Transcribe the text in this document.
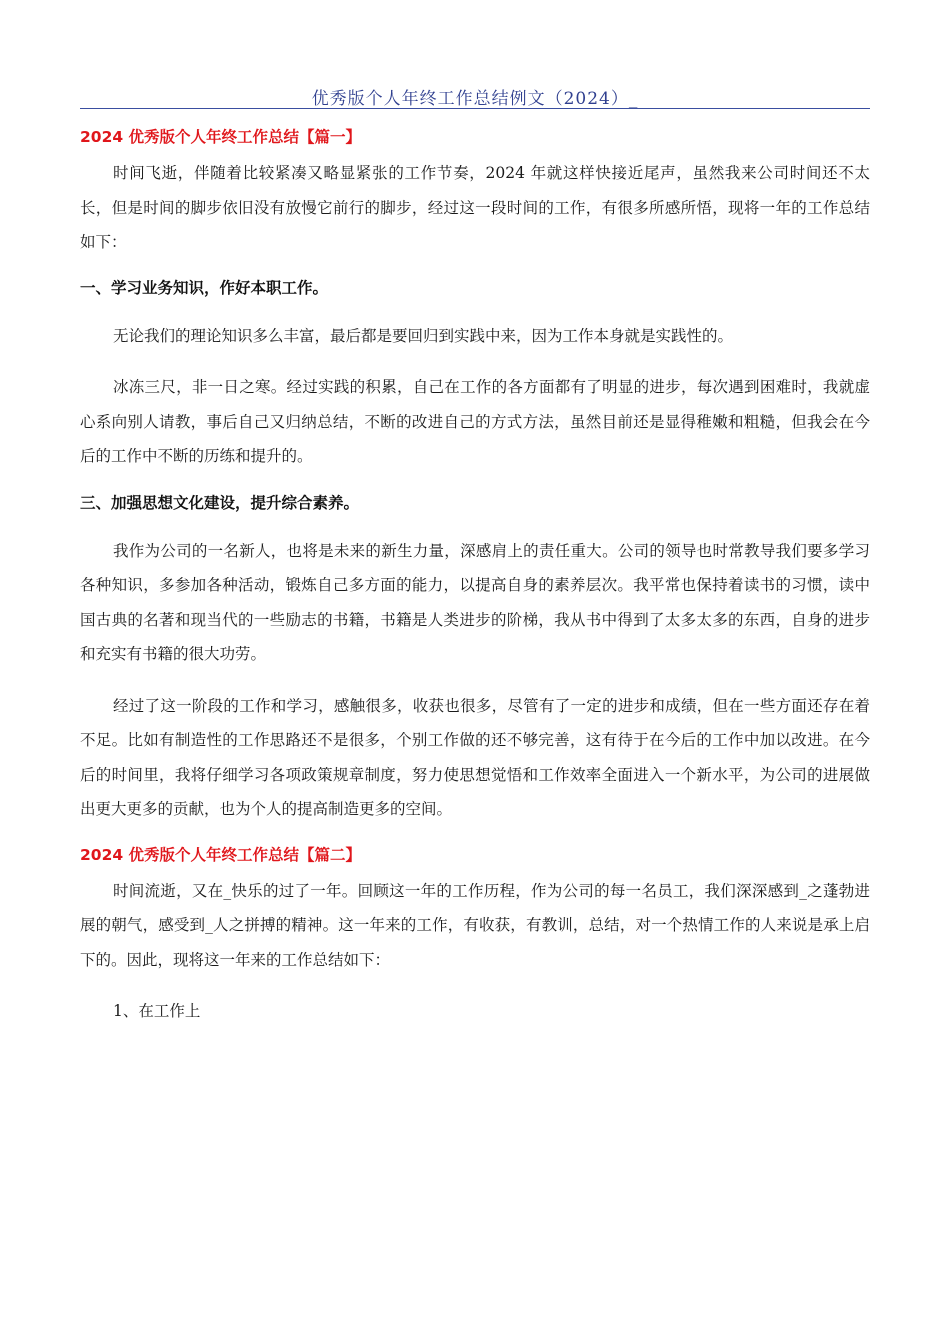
优秀版个人年终工作总结例文（2024）_

2024 优秀版个人年终工作总结【篇一】

时间飞逝，伴随着比较紧凑又略显紧张的工作节奏，2024 年就这样快接近尾声，虽然我来公司时间还不太长，但是时间的脚步依旧没有放慢它前行的脚步，经过这一段时间的工作，有很多所感所悟，现将一年的工作总结如下：

一、学习业务知识，作好本职工作。

无论我们的理论知识多么丰富，最后都是要回归到实践中来，因为工作本身就是实践性的。

冰冻三尺，非一日之寒。经过实践的积累，自己在工作的各方面都有了明显的进步，每次遇到困难时，我就虚心系向别人请教，事后自己又归纳总结，不断的改进自己的方式方法，虽然目前还是显得稚嫩和粗糙，但我会在今后的工作中不断的历练和提升的。

三、加强思想文化建设，提升综合素养。

我作为公司的一名新人，也将是未来的新生力量，深感肩上的责任重大。公司的领导也时常教导我们要多学习各种知识，多参加各种活动，锻炼自己多方面的能力，以提高自身的素养层次。我平常也保持着读书的习惯，读中国古典的名著和现当代的一些励志的书籍，书籍是人类进步的阶梯，我从书中得到了太多太多的东西，自身的进步和充实有书籍的很大功劳。

经过了这一阶段的工作和学习，感触很多，收获也很多，尽管有了一定的进步和成绩，但在一些方面还存在着不足。比如有制造性的工作思路还不是很多，个别工作做的还不够完善，这有待于在今后的工作中加以改进。在今后的时间里，我将仔细学习各项政策规章制度，努力使思想觉悟和工作效率全面进入一个新水平，为公司的进展做出更大更多的贡献，也为个人的提高制造更多的空间。

2024 优秀版个人年终工作总结【篇二】

时间流逝，又在_快乐的过了一年。回顾这一年的工作历程，作为公司的每一名员工，我们深深感到_之蓬勃进展的朝气，感受到_人之拼搏的精神。这一年来的工作，有收获，有教训，总结，对一个热情工作的人来说是承上启下的。因此，现将这一年来的工作总结如下：

1、在工作上
